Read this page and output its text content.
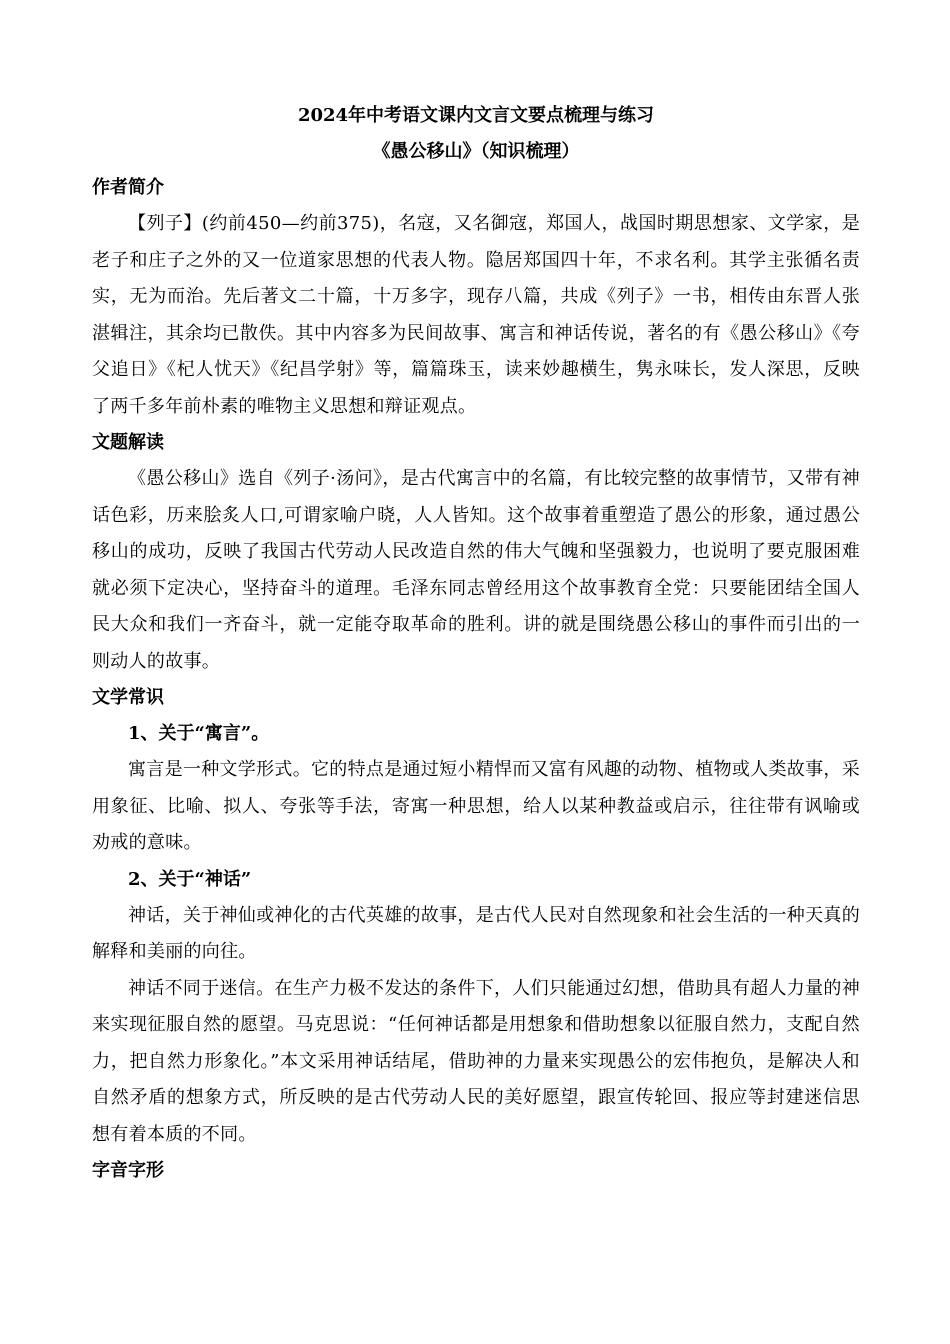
2024年中考语文课内文言文要点梳理与练习

《愚公移山》（知识梳理）

作者简介

【列子】(约前450—约前375)，名寇，又名御寇，郑国人，战国时期思想家、文学家，是老子和庄子之外的又一位道家思想的代表人物。隐居郑国四十年，不求名利。其学主张循名责实，无为而治。先后著文二十篇，十万多字，现存八篇，共成《列子》一书，相传由东晋人张湛辑注，其余均已散佚。其中内容多为民间故事、寓言和神话传说，著名的有《愚公移山》《夸父追日》《杞人忧天》《纪昌学射》等，篇篇珠玉，读来妙趣横生，隽永味长，发人深思，反映了两千多年前朴素的唯物主义思想和辩证观点。

文题解读

《愚公移山》选自《列子·汤问》，是古代寓言中的名篇，有比较完整的故事情节，又带有神话色彩，历来脍炙人口,可谓家喻户晓，人人皆知。这个故事着重塑造了愚公的形象，通过愚公移山的成功，反映了我国古代劳动人民改造自然的伟大气魄和坚强毅力，也说明了要克服困难就必须下定决心，坚持奋斗的道理。毛泽东同志曾经用这个故事教育全党：只要能团结全国人民大众和我们一齐奋斗，就一定能夺取革命的胜利。讲的就是围绕愚公移山的事件而引出的一则动人的故事。

文学常识

1、关于“寓言”。

寓言是一种文学形式。它的特点是通过短小精悍而又富有风趣的动物、植物或人类故事，采用象征、比喻、拟人、夸张等手法，寄寓一种思想，给人以某种教益或启示，往往带有讽喻或劝戒的意味。

2、关于“神话”

神话，关于神仙或神化的古代英雄的故事，是古代人民对自然现象和社会生活的一种天真的解释和美丽的向往。

神话不同于迷信。在生产力极不发达的条件下，人们只能通过幻想，借助具有超人力量的神来实现征服自然的愿望。马克思说：“任何神话都是用想象和借助想象以征服自然力，支配自然力，把自然力形象化。”本文采用神话结尾，借助神的力量来实现愚公的宏伟抱负，是解决人和自然矛盾的想象方式，所反映的是古代劳动人民的美好愿望，跟宣传轮回、报应等封建迷信思想有着本质的不同。

字音字形
